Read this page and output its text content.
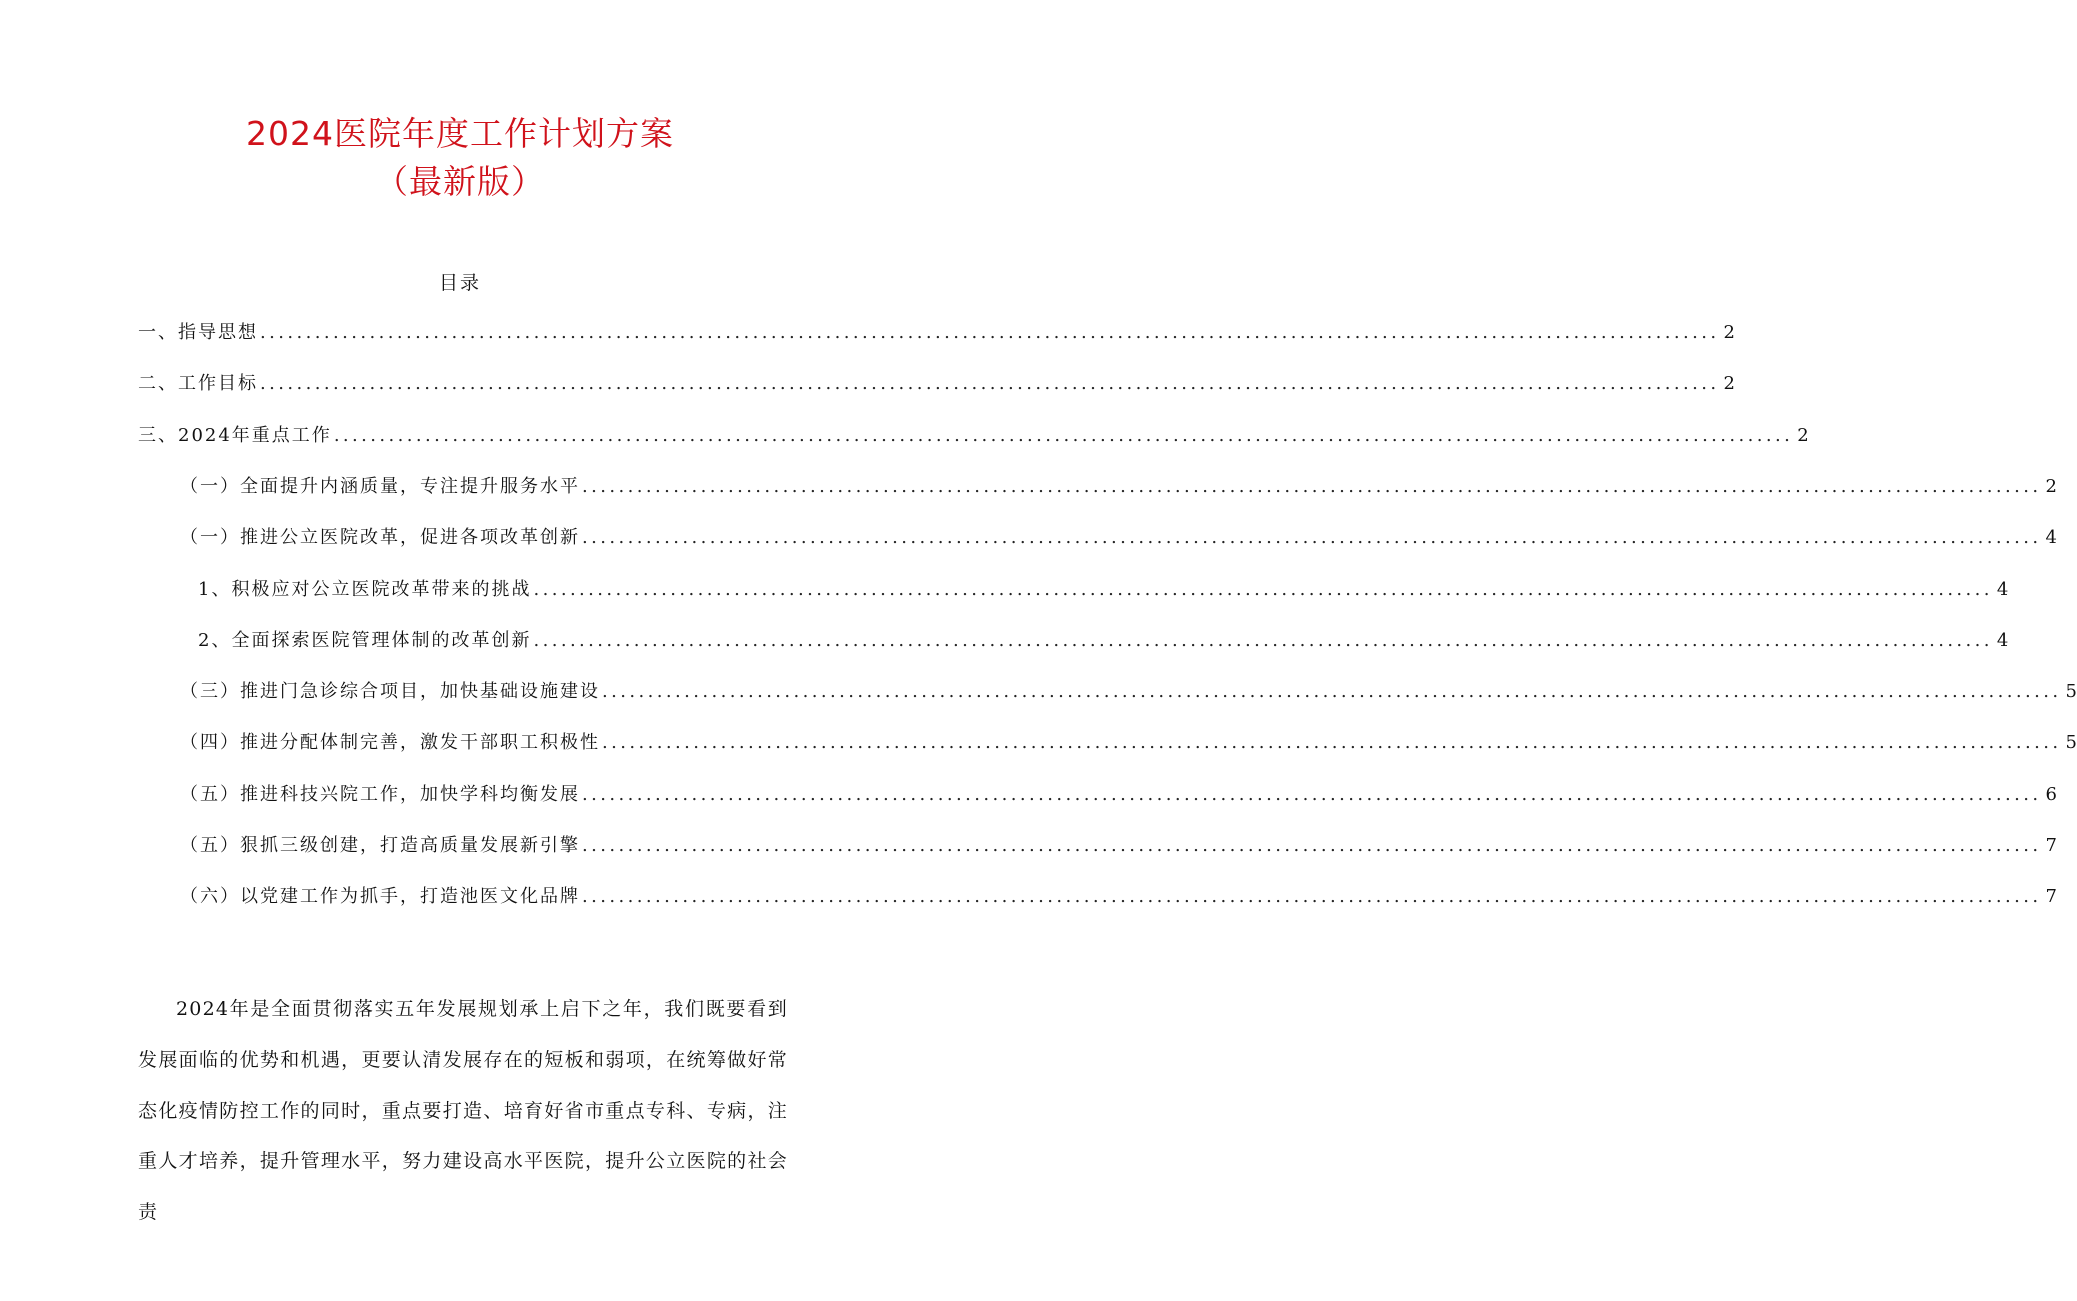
2024医院年度工作计划方案
（最新版）
目录
一、指导思想 ................................................................................................................................................................ 2
二、工作目标 ................................................................................................................................................................ 2
三、2024年重点工作 ................................................................................................................................................................ 2
（一）全面提升内涵质量，专注提升服务水平 ................................................................................................................................................................ 2
（一）推进公立医院改革，促进各项改革创新 ................................................................................................................................................................ 4
1、积极应对公立医院改革带来的挑战 ................................................................................................................................................................ 4
2、全面探索医院管理体制的改革创新 ................................................................................................................................................................ 4
（三）推进门急诊综合项目，加快基础设施建设 ................................................................................................................................................................ 5
（四）推进分配体制完善，激发干部职工积极性 ................................................................................................................................................................ 5
（五）推进科技兴院工作，加快学科均衡发展 ................................................................................................................................................................ 6
（五）狠抓三级创建，打造高质量发展新引擎 ................................................................................................................................................................ 7
（六）以党建工作为抓手，打造池医文化品牌 ................................................................................................................................................................ 7

2024年是全面贯彻落实五年发展规划承上启下之年，我们既要看到发展面临的优势和机遇，更要认清发展存在的短板和弱项，在统筹做好常态化疫情防控工作的同时，重点要打造、培育好省市重点专科、专病，注重人才培养，提升管理水平，努力建设高水平医院，提升公立医院的社会责
